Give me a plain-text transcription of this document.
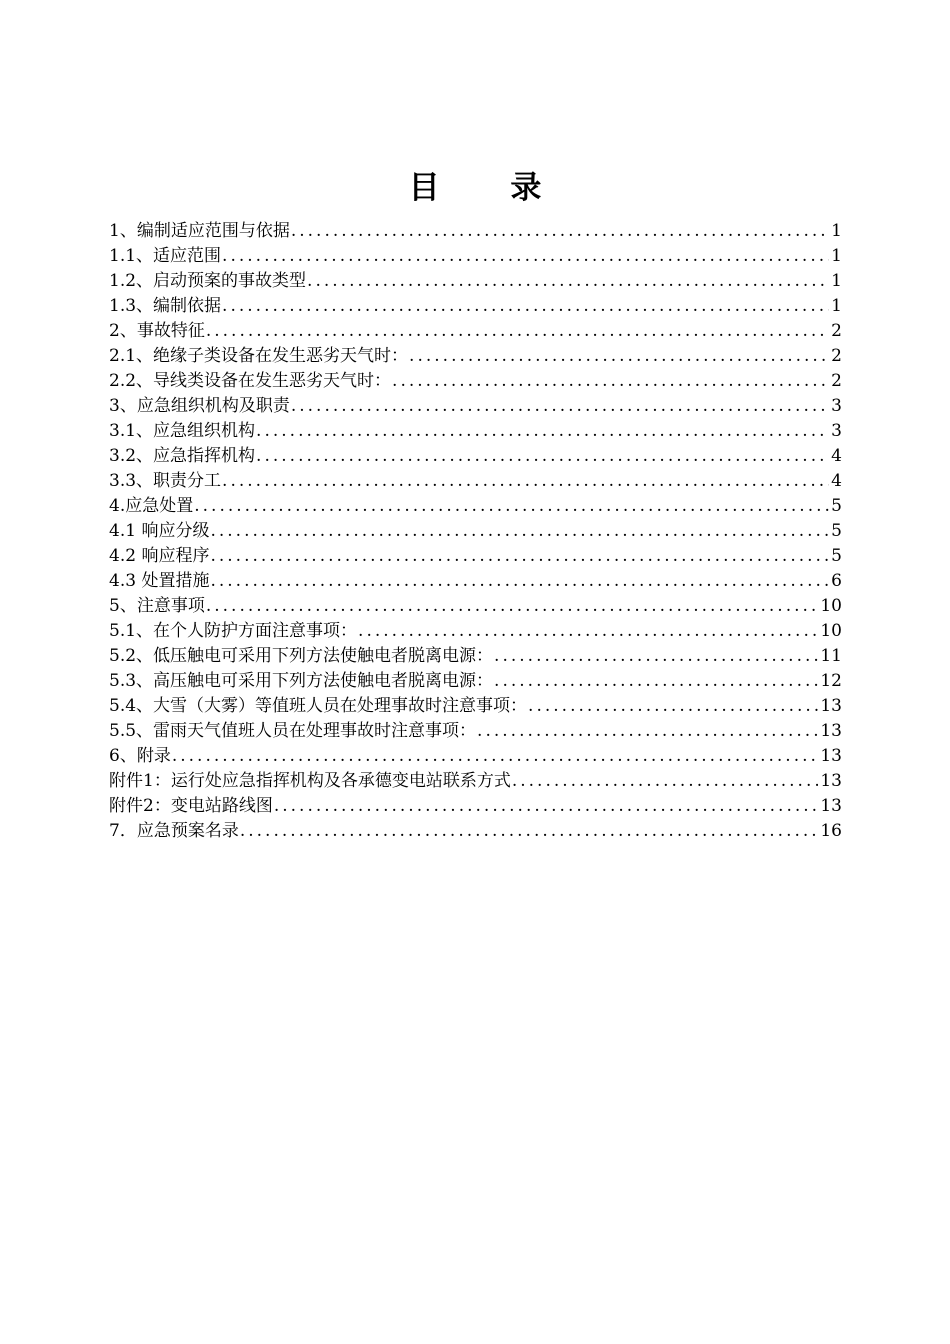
目 录
1、编制适应范围与依据 .....	1
1.1、适应范围 .....	1
1.2、启动预案的事故类型 .....	1
1.3、编制依据 .....	1
2、事故特征 .....	2
2.1、绝缘子类设备在发生恶劣天气时： .....	2
2.2、导线类设备在发生恶劣天气时： .....	2
3、应急组织机构及职责 .....	3
3.1、应急组织机构 .....	3
3.2、应急指挥机构 .....	4
3.3、职责分工 .....	4
4.应急处置 .....	5
4.1 响应分级 .....	5
4.2 响应程序 .....	5
4.3 处置措施 .....	6
5、注意事项 .....	10
5.1、在个人防护方面注意事项： .....	10
5.2、低压触电可采用下列方法使触电者脱离电源： .....	11
5.3、高压触电可采用下列方法使触电者脱离电源： .....	12
5.4、大雪（大雾）等值班人员在处理事故时注意事项： .....	13
5.5、雷雨天气值班人员在处理事故时注意事项： .....	13
6、附录 .....	13
附件1：运行处应急指挥机构及各承德变电站联系方式 .....	13
附件2：变电站路线图 .....	13
7．应急预案名录 .....	16
